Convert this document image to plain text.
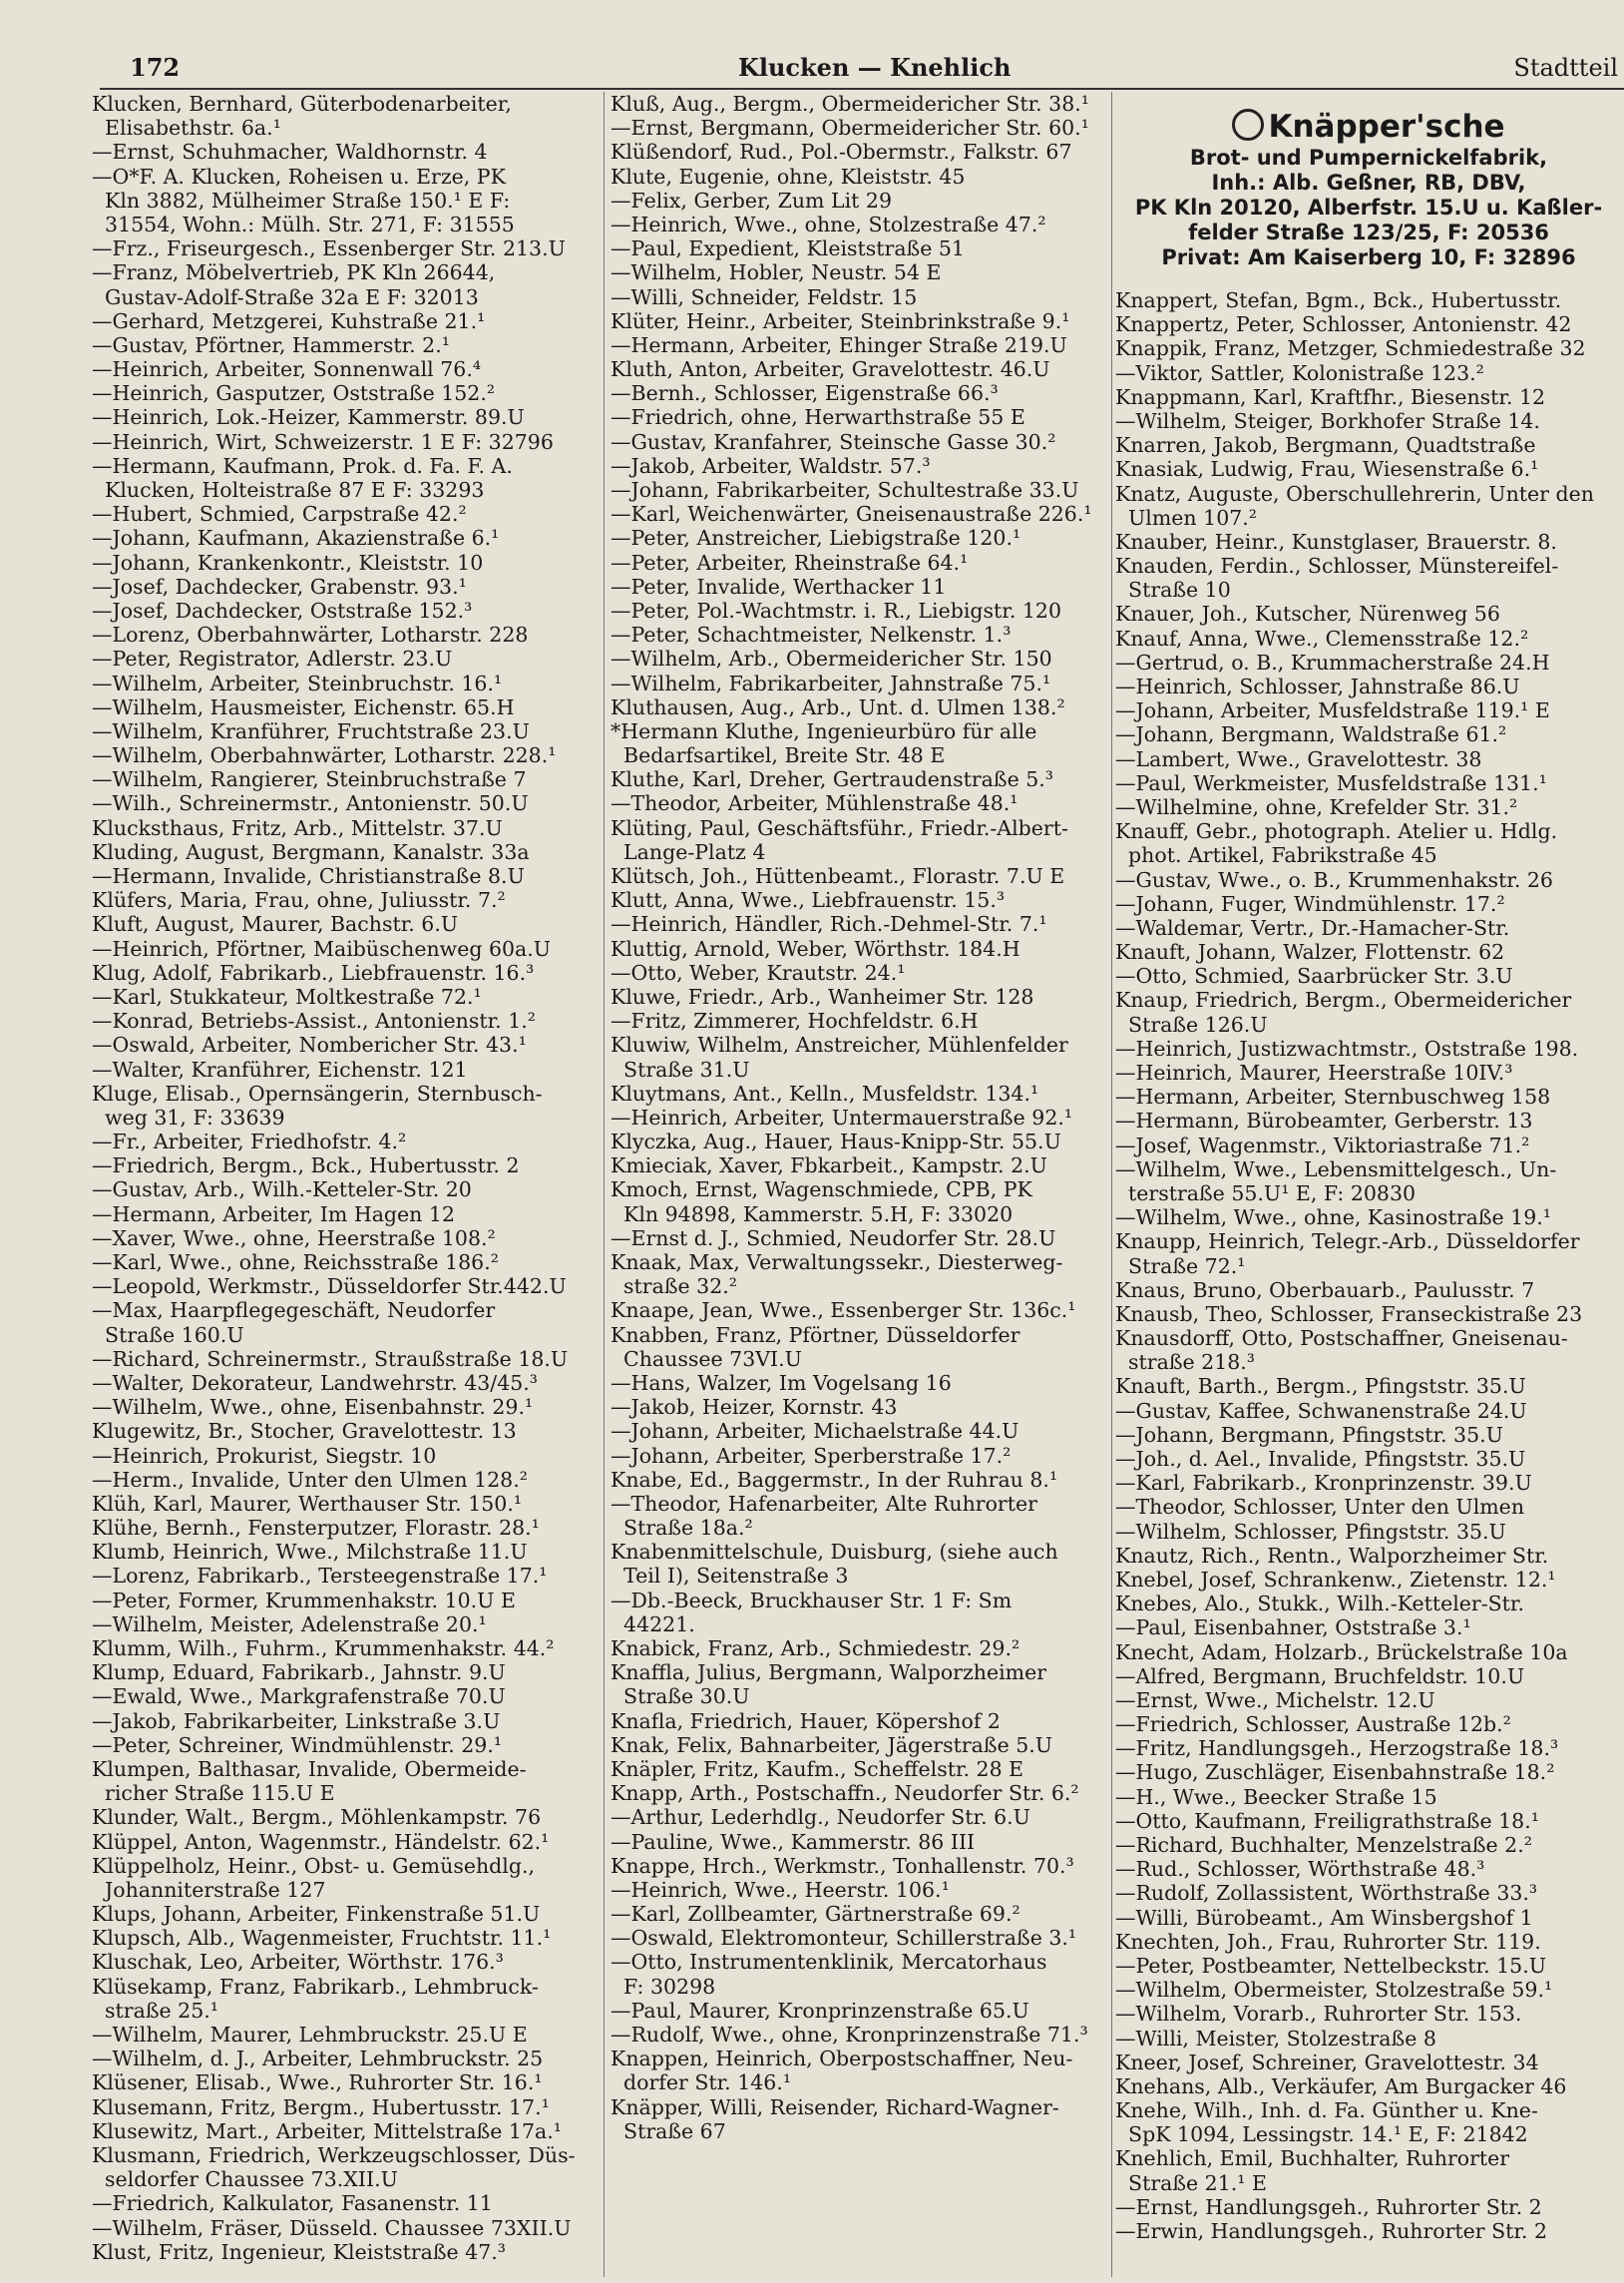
172	Klucken — Knehlich	Stadtteil
Klucken, Bernhard, Güterbodenarbeiter,
Elisabethstr. 6a.¹
—Ernst, Schuhmacher, Waldhornstr. 4
—O*F. A. Klucken, Roheisen u. Erze, PK
Kln 3882, Mülheimer Straße 150.¹ E F:
31554, Wohn.: Mülh. Str. 271, F: 31555
—Frz., Friseurgesch., Essenberger Str. 213.U
—Franz, Möbelvertrieb, PK Kln 26644,
Gustav-Adolf-Straße 32a E F: 32013
—Gerhard, Metzgerei, Kuhstraße 21.¹
—Gustav, Pförtner, Hammerstr. 2.¹
—Heinrich, Arbeiter, Sonnenwall 76.⁴
—Heinrich, Gasputzer, Oststraße 152.²
—Heinrich, Lok.-Heizer, Kammerstr. 89.U
—Heinrich, Wirt, Schweizerstr. 1 E F: 32796
—Hermann, Kaufmann, Prok. d. Fa. F. A.
Klucken, Holteistraße 87 E F: 33293
—Hubert, Schmied, Carpstraße 42.²
—Johann, Kaufmann, Akazienstraße 6.¹
—Johann, Krankenkontr., Kleiststr. 10
—Josef, Dachdecker, Grabenstr. 93.¹
—Josef, Dachdecker, Oststraße 152.³
—Lorenz, Oberbahnwärter, Lotharstr. 228
—Peter, Registrator, Adlerstr. 23.U
—Wilhelm, Arbeiter, Steinbruchstr. 16.¹
—Wilhelm, Hausmeister, Eichenstr. 65.H
—Wilhelm, Kranführer, Fruchtstraße 23.U
—Wilhelm, Oberbahnwärter, Lotharstr. 228.¹
—Wilhelm, Rangierer, Steinbruchstraße 7
—Wilh., Schreinermstr., Antonienstr. 50.U
Klucksthaus, Fritz, Arb., Mittelstr. 37.U
Kluding, August, Bergmann, Kanalstr. 33a
—Hermann, Invalide, Christianstraße 8.U
Klüfers, Maria, Frau, ohne, Juliusstr. 7.²
Kluft, August, Maurer, Bachstr. 6.U
—Heinrich, Pförtner, Maibüschenweg 60a.U
Klug, Adolf, Fabrikarb., Liebfrauenstr. 16.³
—Karl, Stukkateur, Moltkestraße 72.¹
—Konrad, Betriebs-Assist., Antonienstr. 1.²
—Oswald, Arbeiter, Nombericher Str. 43.¹
—Walter, Kranführer, Eichenstr. 121
Kluge, Elisab., Opernsängerin, Sternbusch-
weg 31, F: 33639
—Fr., Arbeiter, Friedhofstr. 4.²
—Friedrich, Bergm., Bck., Hubertusstr. 2
—Gustav, Arb., Wilh.-Ketteler-Str. 20
—Hermann, Arbeiter, Im Hagen 12
—Xaver, Wwe., ohne, Heerstraße 108.²
—Karl, Wwe., ohne, Reichsstraße 186.²
—Leopold, Werkmstr., Düsseldorfer Str.442.U
—Max, Haarpflegegeschäft, Neudorfer
Straße 160.U
—Richard, Schreinermstr., Straußstraße 18.U
—Walter, Dekorateur, Landwehrstr. 43/45.³
—Wilhelm, Wwe., ohne, Eisenbahnstr. 29.¹
Klugewitz, Br., Stocher, Gravelottestr. 13
—Heinrich, Prokurist, Siegstr. 10
—Herm., Invalide, Unter den Ulmen 128.²
Klüh, Karl, Maurer, Werthauser Str. 150.¹
Klühe, Bernh., Fensterputzer, Florastr. 28.¹
Klumb, Heinrich, Wwe., Milchstraße 11.U
—Lorenz, Fabrikarb., Tersteegenstraße 17.¹
—Peter, Former, Krummenhakstr. 10.U E
—Wilhelm, Meister, Adelenstraße 20.¹
Klumm, Wilh., Fuhrm., Krummenhakstr. 44.²
Klump, Eduard, Fabrikarb., Jahnstr. 9.U
—Ewald, Wwe., Markgrafenstraße 70.U
—Jakob, Fabrikarbeiter, Linkstraße 3.U
—Peter, Schreiner, Windmühlenstr. 29.¹
Klumpen, Balthasar, Invalide, Obermeide-
richer Straße 115.U E
Klunder, Walt., Bergm., Möhlenkampstr. 76
Klüppel, Anton, Wagenmstr., Händelstr. 62.¹
Klüppelholz, Heinr., Obst- u. Gemüsehdlg.,
Johanniterstraße 127
Klups, Johann, Arbeiter, Finkenstraße 51.U
Klupsch, Alb., Wagenmeister, Fruchtstr. 11.¹
Kluschak, Leo, Arbeiter, Wörthstr. 176.³
Klüsekamp, Franz, Fabrikarb., Lehmbruck-
straße 25.¹
—Wilhelm, Maurer, Lehmbruckstr. 25.U E
—Wilhelm, d. J., Arbeiter, Lehmbruckstr. 25
Klüsener, Elisab., Wwe., Ruhrorter Str. 16.¹
Klusemann, Fritz, Bergm., Hubertusstr. 17.¹
Klusewitz, Mart., Arbeiter, Mittelstraße 17a.¹
Klusmann, Friedrich, Werkzeugschlosser, Düs-
seldorfer Chaussee 73.XII.U
—Friedrich, Kalkulator, Fasanenstr. 11
—Wilhelm, Fräser, Düsseld. Chaussee 73XII.U
Klust, Fritz, Ingenieur, Kleiststraße 47.³
Kluß, Aug., Bergm., Obermeidericher Str. 38.¹
—Ernst, Bergmann, Obermeidericher Str. 60.¹
Klüßendorf, Rud., Pol.-Obermstr., Falkstr. 67
Klute, Eugenie, ohne, Kleiststr. 45
—Felix, Gerber, Zum Lit 29
—Heinrich, Wwe., ohne, Stolzestraße 47.²
—Paul, Expedient, Kleiststraße 51
—Wilhelm, Hobler, Neustr. 54 E
—Willi, Schneider, Feldstr. 15
Klüter, Heinr., Arbeiter, Steinbrinkstraße 9.¹
—Hermann, Arbeiter, Ehinger Straße 219.U
Kluth, Anton, Arbeiter, Gravelottestr. 46.U
—Bernh., Schlosser, Eigenstraße 66.³
—Friedrich, ohne, Herwarthstraße 55 E
—Gustav, Kranfahrer, Steinsche Gasse 30.²
—Jakob, Arbeiter, Waldstr. 57.³
—Johann, Fabrikarbeiter, Schultestraße 33.U
—Karl, Weichenwärter, Gneisenaustraße 226.¹
—Peter, Anstreicher, Liebigstraße 120.¹
—Peter, Arbeiter, Rheinstraße 64.¹
—Peter, Invalide, Werthacker 11
—Peter, Pol.-Wachtmstr. i. R., Liebigstr. 120
—Peter, Schachtmeister, Nelkenstr. 1.³
—Wilhelm, Arb., Obermeidericher Str. 150
—Wilhelm, Fabrikarbeiter, Jahnstraße 75.¹
Kluthausen, Aug., Arb., Unt. d. Ulmen 138.²
*Hermann Kluthe, Ingenieurbüro für alle
Bedarfsartikel, Breite Str. 48 E
Kluthe, Karl, Dreher, Gertraudenstraße 5.³
—Theodor, Arbeiter, Mühlenstraße 48.¹
Klüting, Paul, Geschäftsführ., Friedr.-Albert-
Lange-Platz 4
Klütsch, Joh., Hüttenbeamt., Florastr. 7.U E
Klutt, Anna, Wwe., Liebfrauenstr. 15.³
—Heinrich, Händler, Rich.-Dehmel-Str. 7.¹
Kluttig, Arnold, Weber, Wörthstr. 184.H
—Otto, Weber, Krautstr. 24.¹
Kluwe, Friedr., Arb., Wanheimer Str. 128
—Fritz, Zimmerer, Hochfeldstr. 6.H
Kluwiw, Wilhelm, Anstreicher, Mühlenfelder
Straße 31.U
Kluytmans, Ant., Kelln., Musfeldstr. 134.¹
—Heinrich, Arbeiter, Untermauerstraße 92.¹
Klyczka, Aug., Hauer, Haus-Knipp-Str. 55.U
Kmieciak, Xaver, Fbkarbeit., Kampstr. 2.U
Kmoch, Ernst, Wagenschmiede, CPB, PK
Kln 94898, Kammerstr. 5.H, F: 33020
—Ernst d. J., Schmied, Neudorfer Str. 28.U
Knaak, Max, Verwaltungssekr., Diesterweg-
straße 32.²
Knaape, Jean, Wwe., Essenberger Str. 136c.¹
Knabben, Franz, Pförtner, Düsseldorfer
Chaussee 73VI.U
—Hans, Walzer, Im Vogelsang 16
—Jakob, Heizer, Kornstr. 43
—Johann, Arbeiter, Michaelstraße 44.U
—Johann, Arbeiter, Sperberstraße 17.²
Knabe, Ed., Baggermstr., In der Ruhrau 8.¹
—Theodor, Hafenarbeiter, Alte Ruhrorter
Straße 18a.²
Knabenmittelschule, Duisburg, (siehe auch
Teil I), Seitenstraße 3
—Db.-Beeck, Bruckhauser Str. 1 F: Sm
44221.
Knabick, Franz, Arb., Schmiedestr. 29.²
Knaffla, Julius, Bergmann, Walporzheimer
Straße 30.U
Knafla, Friedrich, Hauer, Köpershof 2
Knak, Felix, Bahnarbeiter, Jägerstraße 5.U
Knäpler, Fritz, Kaufm., Scheffelstr. 28 E
Knapp, Arth., Postschaffn., Neudorfer Str. 6.²
—Arthur, Lederhdlg., Neudorfer Str. 6.U
—Pauline, Wwe., Kammerstr. 86 III
Knappe, Hrch., Werkmstr., Tonhallenstr. 70.³
—Heinrich, Wwe., Heerstr. 106.¹
—Karl, Zollbeamter, Gärtnerstraße 69.²
—Oswald, Elektromonteur, Schillerstraße 3.¹
—Otto, Instrumentenklinik, Mercatorhaus
F: 30298
—Paul, Maurer, Kronprinzenstraße 65.U
—Rudolf, Wwe., ohne, Kronprinzenstraße 71.³
Knappen, Heinrich, Oberpostschaffner, Neu-
dorfer Str. 146.¹
Knäpper, Willi, Reisender, Richard-Wagner-
Straße 67
Knäpper'sche
Brot- und Pumpernickelfabrik,
Inh.: Alb. Geßner, RB, DBV,
PK Kln 20120, Alberfstr. 15.U u. Kaßler-
felder Straße 123/25, F: 20536
Privat: Am Kaiserberg 10, F: 32896
Knappert, Stefan, Bgm., Bck., Hubertusstr.
Knappertz, Peter, Schlosser, Antonienstr. 42
Knappik, Franz, Metzger, Schmiedestraße 32
—Viktor, Sattler, Kolonistraße 123.²
Knappmann, Karl, Kraftfhr., Biesenstr. 12
—Wilhelm, Steiger, Borkhofer Straße 14.
Knarren, Jakob, Bergmann, Quadtstraße
Knasiak, Ludwig, Frau, Wiesenstraße 6.¹
Knatz, Auguste, Oberschullehrerin, Unter den
Ulmen 107.²
Knauber, Heinr., Kunstglaser, Brauerstr. 8.
Knauden, Ferdin., Schlosser, Münstereifel-
Straße 10
Knauer, Joh., Kutscher, Nürenweg 56
Knauf, Anna, Wwe., Clemensstraße 12.²
—Gertrud, o. B., Krummacherstraße 24.H
—Heinrich, Schlosser, Jahnstraße 86.U
—Johann, Arbeiter, Musfeldstraße 119.¹ E
—Johann, Bergmann, Waldstraße 61.²
—Lambert, Wwe., Gravelottestr. 38
—Paul, Werkmeister, Musfeldstraße 131.¹
—Wilhelmine, ohne, Krefelder Str. 31.²
Knauff, Gebr., photograph. Atelier u. Hdlg.
phot. Artikel, Fabrikstraße 45
—Gustav, Wwe., o. B., Krummenhakstr. 26
—Johann, Fuger, Windmühlenstr. 17.²
—Waldemar, Vertr., Dr.-Hamacher-Str.
Knauft, Johann, Walzer, Flottenstr. 62
—Otto, Schmied, Saarbrücker Str. 3.U
Knaup, Friedrich, Bergm., Obermeidericher
Straße 126.U
—Heinrich, Justizwachtmstr., Oststraße 198.
—Heinrich, Maurer, Heerstraße 10IV.³
—Hermann, Arbeiter, Sternbuschweg 158
—Hermann, Bürobeamter, Gerberstr. 13
—Josef, Wagenmstr., Viktoriastraße 71.²
—Wilhelm, Wwe., Lebensmittelgesch., Un-
terstraße 55.U¹ E, F: 20830
—Wilhelm, Wwe., ohne, Kasinostraße 19.¹
Knaupp, Heinrich, Telegr.-Arb., Düsseldorfer
Straße 72.¹
Knaus, Bruno, Oberbauarb., Paulusstr. 7
Knausb, Theo, Schlosser, Franseckistraße 23
Knausdorff, Otto, Postschaffner, Gneisenau-
straße 218.³
Knauft, Barth., Bergm., Pfingststr. 35.U
—Gustav, Kaffee, Schwanenstraße 24.U
—Johann, Bergmann, Pfingststr. 35.U
—Joh., d. Ael., Invalide, Pfingststr. 35.U
—Karl, Fabrikarb., Kronprinzenstr. 39.U
—Theodor, Schlosser, Unter den Ulmen
—Wilhelm, Schlosser, Pfingststr. 35.U
Knautz, Rich., Rentn., Walporzheimer Str.
Knebel, Josef, Schrankenw., Zietenstr. 12.¹
Knebes, Alo., Stukk., Wilh.-Ketteler-Str.
—Paul, Eisenbahner, Oststraße 3.¹
Knecht, Adam, Holzarb., Brückelstraße 10a
—Alfred, Bergmann, Bruchfeldstr. 10.U
—Ernst, Wwe., Michelstr. 12.U
—Friedrich, Schlosser, Austraße 12b.²
—Fritz, Handlungsgeh., Herzogstraße 18.³
—Hugo, Zuschläger, Eisenbahnstraße 18.²
—H., Wwe., Beecker Straße 15
—Otto, Kaufmann, Freiligrathstraße 18.¹
—Richard, Buchhalter, Menzelstraße 2.²
—Rud., Schlosser, Wörthstraße 48.³
—Rudolf, Zollassistent, Wörthstraße 33.³
—Willi, Bürobeamt., Am Winsbergshof 1
Knechten, Joh., Frau, Ruhrorter Str. 119.
—Peter, Postbeamter, Nettelbeckstr. 15.U
—Wilhelm, Obermeister, Stolzestraße 59.¹
—Wilhelm, Vorarb., Ruhrorter Str. 153.
—Willi, Meister, Stolzestraße 8
Kneer, Josef, Schreiner, Gravelottestr. 34
Knehans, Alb., Verkäufer, Am Burgacker 46
Knehe, Wilh., Inh. d. Fa. Günther u. Kne-
SpK 1094, Lessingstr. 14.¹ E, F: 21842
Knehlich, Emil, Buchhalter, Ruhrorter
Straße 21.¹ E
—Ernst, Handlungsgeh., Ruhrorter Str. 2
—Erwin, Handlungsgeh., Ruhrorter Str. 2
